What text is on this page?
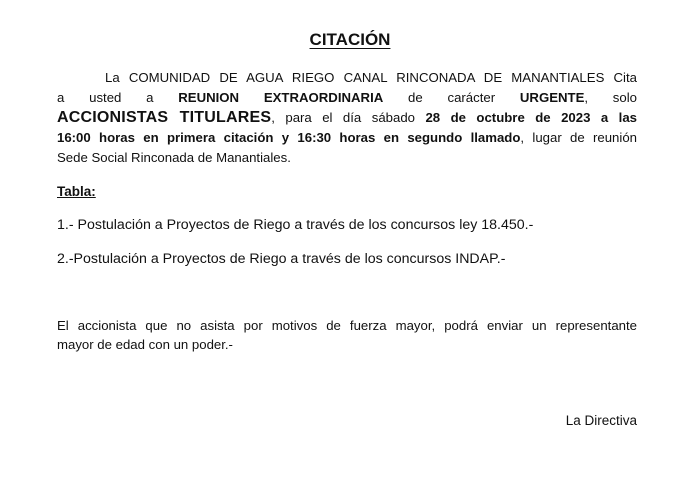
CITACIÓN
La COMUNIDAD DE AGUA RIEGO CANAL RINCONADA DE MANANTIALES Cita
a usted a REUNION EXTRAORDINARIA de carácter URGENTE, solo
ACCIONISTAS TITULARES, para el día sábado 28 de octubre de 2023 a las
16:00 horas en primera citación y 16:30 horas en segundo llamado, lugar de reunión
Sede Social Rinconada de Manantiales.
Tabla:
1.- Postulación a Proyectos de Riego a través de los concursos ley 18.450.-
2.-Postulación a Proyectos de Riego a través de los concursos INDAP.-
El accionista que no asista por motivos de fuerza mayor, podrá enviar un representante
mayor de edad con un poder.-
La Directiva
